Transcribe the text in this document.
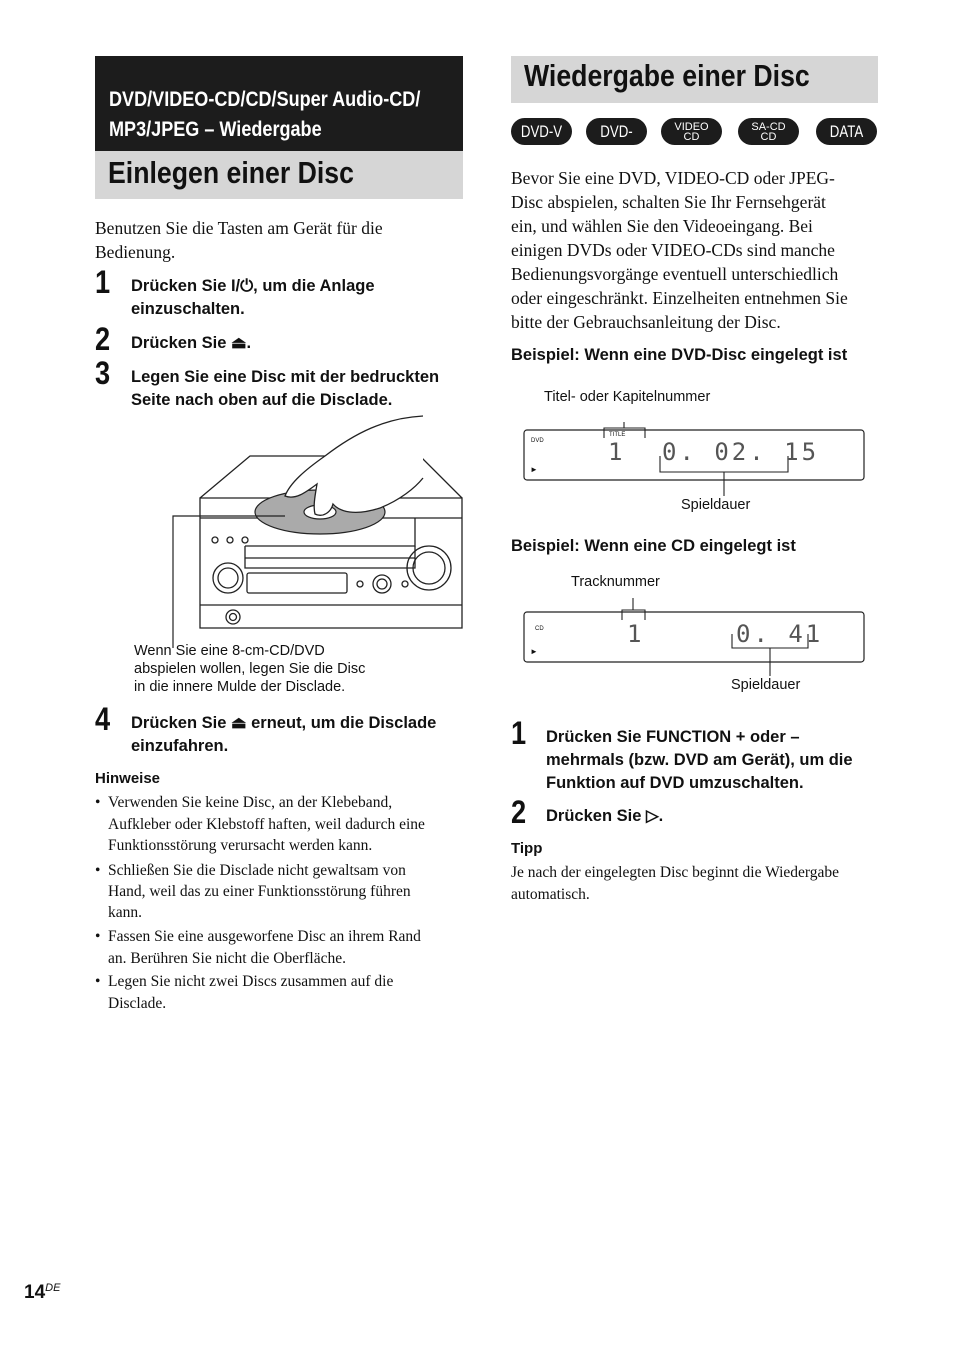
DVD/VIDEO-CD/CD/Super Audio-CD/
MP3/JPEG – Wiedergabe
Einlegen einer Disc
Benutzen Sie die Tasten am Gerät für die
Bedienung.
1 Drücken Sie I/⏻, um die Anlage
einzuschalten.
2 Drücken Sie ⏏.
3 Legen Sie eine Disc mit der bedruckten
Seite nach oben auf die Disclade.
Wenn Sie eine 8-cm-CD/DVD
abspielen wollen, legen Sie die Disc
in die innere Mulde der Disclade.
4 Drücken Sie ⏏ erneut, um die Disclade
einzufahren.
Hinweise
• Verwenden Sie keine Disc, an der Klebeband,
Aufkleber oder Klebstoff haften, weil dadurch eine
Funktionsstörung verursacht werden kann.
• Schließen Sie die Disclade nicht gewaltsam von
Hand, weil das zu einer Funktionsstörung führen
kann.
• Fassen Sie eine ausgeworfene Disc an ihrem Rand
an. Berühren Sie nicht die Oberfläche.
• Legen Sie nicht zwei Discs zusammen auf die
Disclade.
Wiedergabe einer Disc
DVD-V	DVD-RW
VIDEO CD
SA-CD CD	DATA CD
Bevor Sie eine DVD, VIDEO-CD oder JPEG-
Disc abspielen, schalten Sie Ihr Fernsehgerät
ein, und wählen Sie den Videoeingang. Bei
einigen DVDs oder VIDEO-CDs sind manche
Bedienungsvorgänge eventuell unterschiedlich
oder eingeschränkt. Einzelheiten entnehmen Sie
bitte der Gebrauchsanleitung der Disc.
Beispiel: Wenn eine DVD-Disc eingelegt ist
Titel- oder Kapitelnummer
DVD
TITLE
1 0. 02. 15
►
Spieldauer
Beispiel: Wenn eine CD eingelegt ist
Tracknummer
CD	1	0. 41
►
Spieldauer
1 Drücken Sie FUNCTION + oder –
mehrmals (bzw. DVD am Gerät), um die
Funktion auf DVD umzuschalten.
2 Drücken Sie ▷.
Tipp
Je nach der eingelegten Disc beginnt die Wiedergabe
automatisch.
14DE
